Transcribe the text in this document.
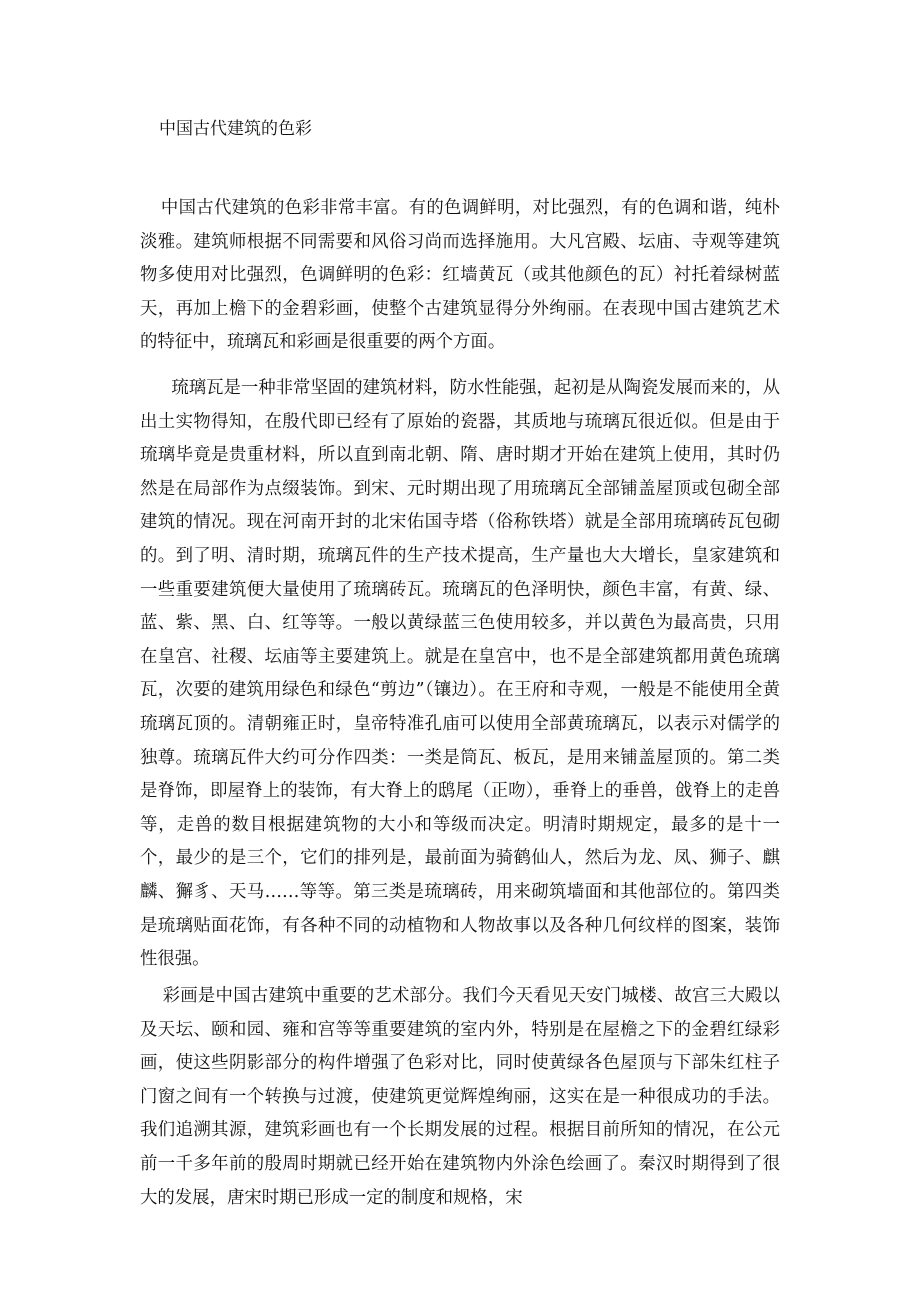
中国古代建筑的色彩

中国古代建筑的色彩非常丰富。有的色调鲜明，对比强烈，有的色调和谐，纯朴淡雅。建筑师根据不同需要和风俗习尚而选择施用。大凡宫殿、坛庙、寺观等建筑物多使用对比强烈，色调鲜明的色彩：红墙黄瓦（或其他颜色的瓦）衬托着绿树蓝天，再加上檐下的金碧彩画，使整个古建筑显得分外绚丽。在表现中国古建筑艺术的特征中，琉璃瓦和彩画是很重要的两个方面。

琉璃瓦是一种非常坚固的建筑材料，防水性能强，起初是从陶瓷发展而来的，从出土实物得知，在殷代即已经有了原始的瓷器，其质地与琉璃瓦很近似。但是由于琉璃毕竟是贵重材料，所以直到南北朝、隋、唐时期才开始在建筑上使用，其时仍然是在局部作为点缀装饰。到宋、元时期出现了用琉璃瓦全部铺盖屋顶或包砌全部建筑的情况。现在河南开封的北宋佑国寺塔（俗称铁塔）就是全部用琉璃砖瓦包砌的。到了明、清时期，琉璃瓦件的生产技术提高，生产量也大大增长，皇家建筑和一些重要建筑便大量使用了琉璃砖瓦。琉璃瓦的色泽明快，颜色丰富，有黄、绿、蓝、紫、黑、白、红等等。一般以黄绿蓝三色使用较多，并以黄色为最高贵，只用在皇宫、社稷、坛庙等主要建筑上。就是在皇宫中，也不是全部建筑都用黄色琉璃瓦，次要的建筑用绿色和绿色“剪边”（镶边）。在王府和寺观，一般是不能使用全黄琉璃瓦顶的。清朝雍正时，皇帝特准孔庙可以使用全部黄琉璃瓦，以表示对儒学的独尊。琉璃瓦件大约可分作四类：一类是筒瓦、板瓦，是用来铺盖屋顶的。第二类是脊饰，即屋脊上的装饰，有大脊上的鸱尾（正吻），垂脊上的垂兽，戗脊上的走兽等，走兽的数目根据建筑物的大小和等级而决定。明清时期规定，最多的是十一个，最少的是三个，它们的排列是，最前面为骑鹤仙人，然后为龙、凤、狮子、麒麟、獬豸、天马……等等。第三类是琉璃砖，用来砌筑墙面和其他部位的。第四类是琉璃贴面花饰，有各种不同的动植物和人物故事以及各种几何纹样的图案，装饰性很强。

彩画是中国古建筑中重要的艺术部分。我们今天看见天安门城楼、故宫三大殿以及天坛、颐和园、雍和宫等等重要建筑的室内外，特别是在屋檐之下的金碧红绿彩画，使这些阴影部分的构件增强了色彩对比，同时使黄绿各色屋顶与下部朱红柱子门窗之间有一个转换与过渡，使建筑更觉辉煌绚丽，这实在是一种很成功的手法。我们追溯其源，建筑彩画也有一个长期发展的过程。根据目前所知的情况，在公元前一千多年前的殷周时期就已经开始在建筑物内外涂色绘画了。秦汉时期得到了很大的发展，唐宋时期已形成一定的制度和规格，宋
